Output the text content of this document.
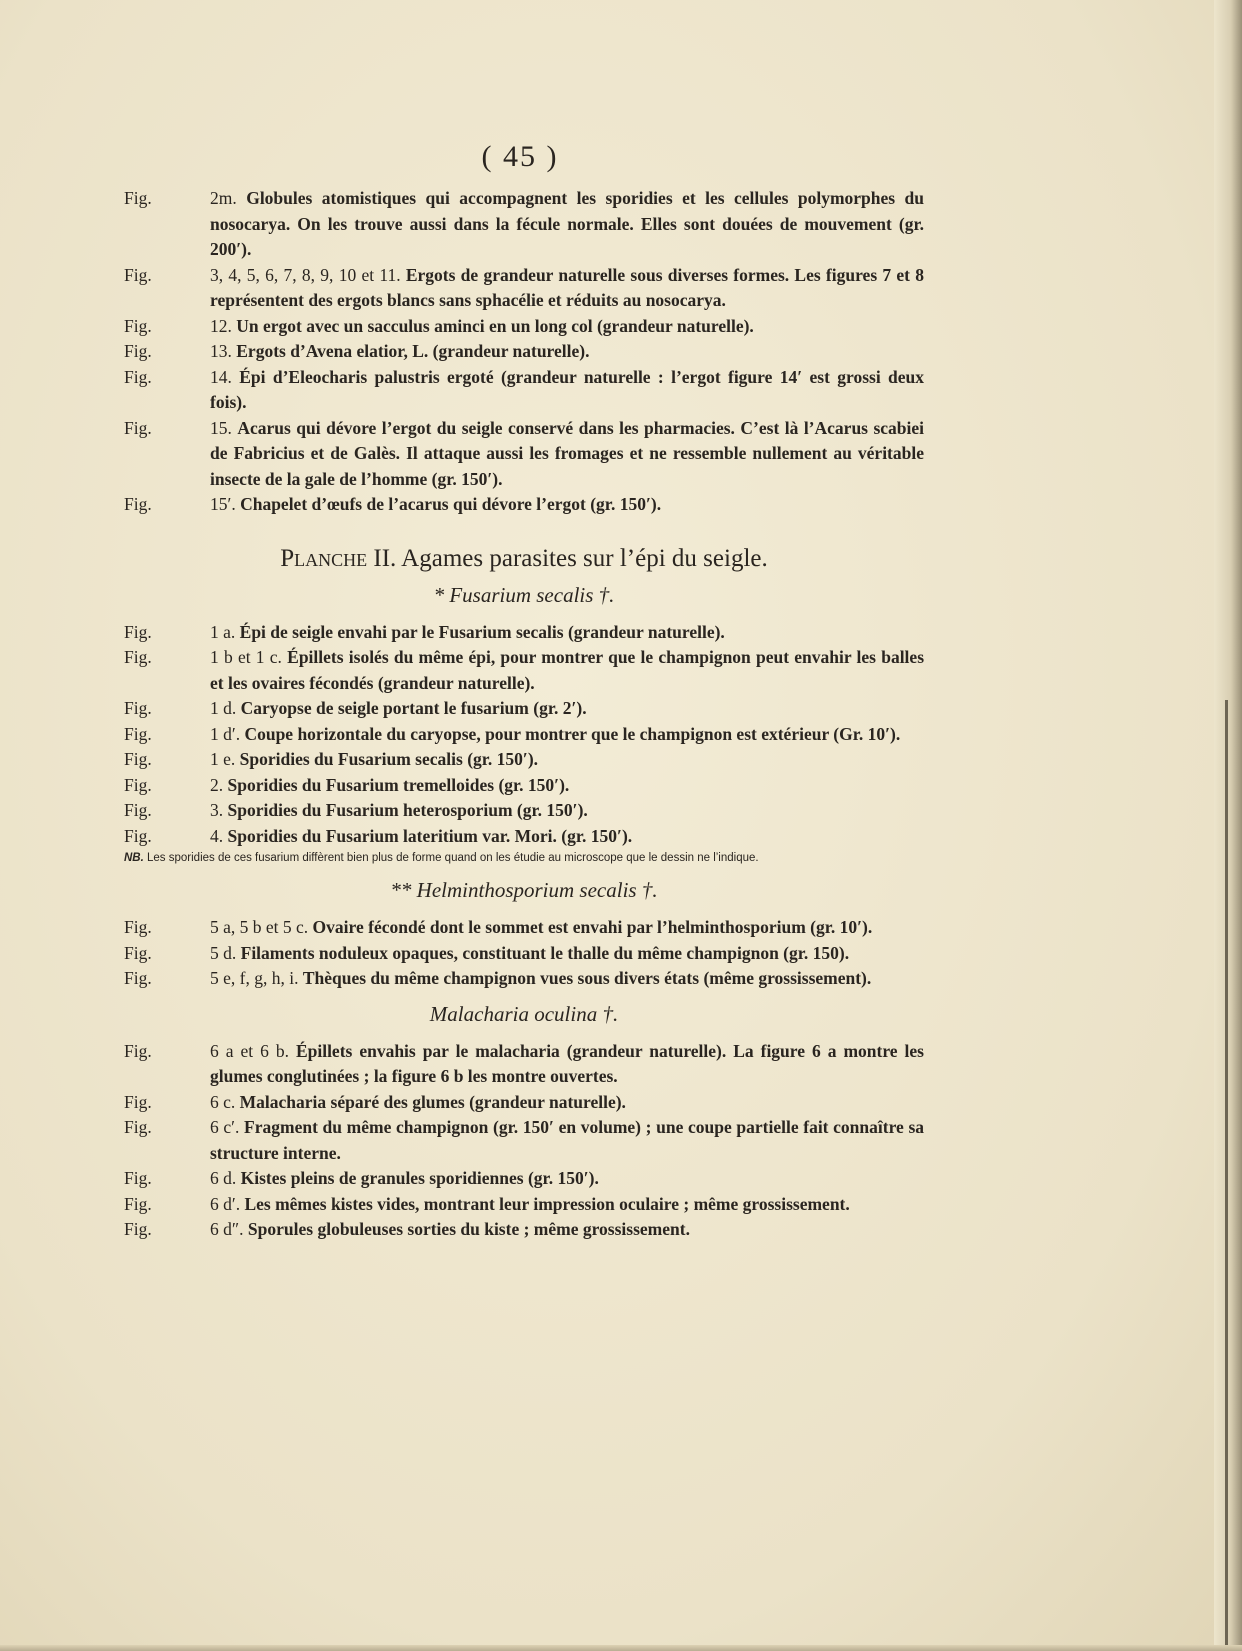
( 45 )
Fig.	2m. Globules atomistiques qui accompagnent les sporidies et les cellules polymorphes du nosocarya. On les trouve aussi dans la fécule normale. Elles sont douées de mouvement (gr. 200′).
Fig.	3, 4, 5, 6, 7, 8, 9, 10 et 11. Ergots de grandeur naturelle sous diverses formes. Les figures 7 et 8 représentent des ergots blancs sans sphacélie et réduits au nosocarya.
Fig.	12. Un ergot avec un sacculus aminci en un long col (grandeur naturelle).
Fig.	13. Ergots d’Avena elatior, L. (grandeur naturelle).
Fig.	14. Épi d’Eleocharis palustris ergoté (grandeur naturelle : l’ergot figure 14′ est grossi deux fois).
Fig.	15. Acarus qui dévore l’ergot du seigle conservé dans les pharmacies. C’est là l’Acarus scabiei de Fabricius et de Galès. Il attaque aussi les fromages et ne ressemble nullement au véritable insecte de la gale de l’homme (gr. 150′).
Fig.	15′. Chapelet d’œufs de l’acarus qui dévore l’ergot (gr. 150′).
Planche II. Agames parasites sur l’épi du seigle.
* Fusarium secalis †.
Fig.	1 a. Épi de seigle envahi par le Fusarium secalis (grandeur naturelle).
Fig.	1 b et 1 c. Épillets isolés du même épi, pour montrer que le champignon peut envahir les balles et les ovaires fécondés (grandeur naturelle).
Fig.	1 d. Caryopse de seigle portant le fusarium (gr. 2′).
Fig.	1 d′. Coupe horizontale du caryopse, pour montrer que le champignon est extérieur (Gr. 10′).
Fig.	1 e. Sporidies du Fusarium secalis (gr. 150′).
Fig.	2. Sporidies du Fusarium tremelloides (gr. 150′).
Fig.	3. Sporidies du Fusarium heterosporium (gr. 150′).
Fig.	4. Sporidies du Fusarium lateritium var. Mori. (gr. 150′).
NB. Les sporidies de ces fusarium diffèrent bien plus de forme quand on les étudie au microscope que le dessin ne l’indique.
** Helminthosporium secalis †.
Fig.	5 a, 5 b et 5 c. Ovaire fécondé dont le sommet est envahi par l’helminthosporium (gr. 10′).
Fig.	5 d. Filaments noduleux opaques, constituant le thalle du même champignon (gr. 150).
Fig.	5 e, f, g, h, i. Thèques du même champignon vues sous divers états (même grossissement).
Malacharia oculina †.
Fig.	6 a et 6 b. Épillets envahis par le malacharia (grandeur naturelle). La figure 6 a montre les glumes conglutinées ; la figure 6 b les montre ouvertes.
Fig.	6 c. Malacharia séparé des glumes (grandeur naturelle).
Fig.	6 c′. Fragment du même champignon (gr. 150′ en volume) ; une coupe partielle fait connaître sa structure interne.
Fig.	6 d. Kistes pleins de granules sporidiennes (gr. 150′).
Fig.	6 d′. Les mêmes kistes vides, montrant leur impression oculaire ; même grossissement.
Fig.	6 d″. Sporules globuleuses sorties du kiste ; même grossissement.
